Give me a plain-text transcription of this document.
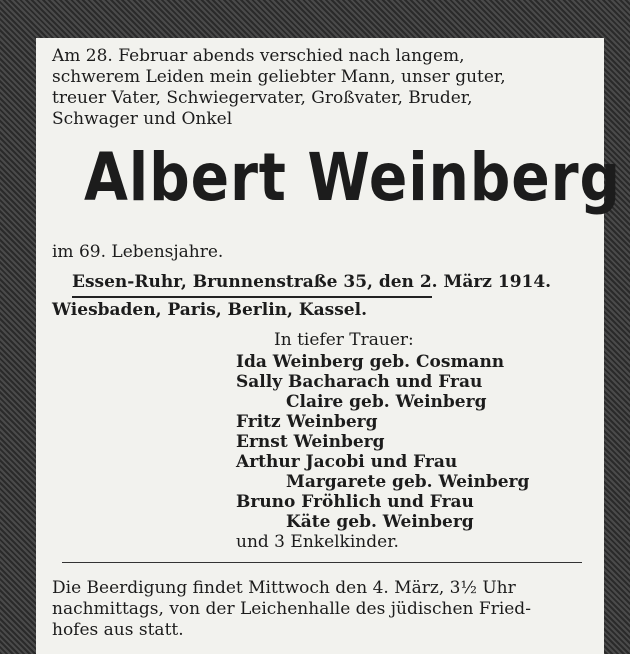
Am 28. Februar abends verschied nach langem,

schwerem Leiden mein geliebter Mann, unser guter,

treuer Vater, Schwiegervater, Großvater, Bruder,

Schwager und Onkel

Albert Weinberg
im 69. Lebensjahre.
Essen-Ruhr, Brunnenstraße 35, den 2. März 1914.
Wiesbaden, Paris, Berlin, Kassel.
In tiefer Trauer:
Ida Weinberg geb. Cosmann
Sally Bacharach und Frau
Claire geb. Weinberg
Fritz Weinberg
Ernst Weinberg
Arthur Jacobi und Frau
Margarete geb. Weinberg
Bruno Fröhlich und Frau
Käte geb. Weinberg
und 3 Enkelkinder.

Die Beerdigung findet Mittwoch den 4. März, 3½ Uhr

nachmittags, von der Leichenhalle des jüdischen Fried-

hofes aus statt.
